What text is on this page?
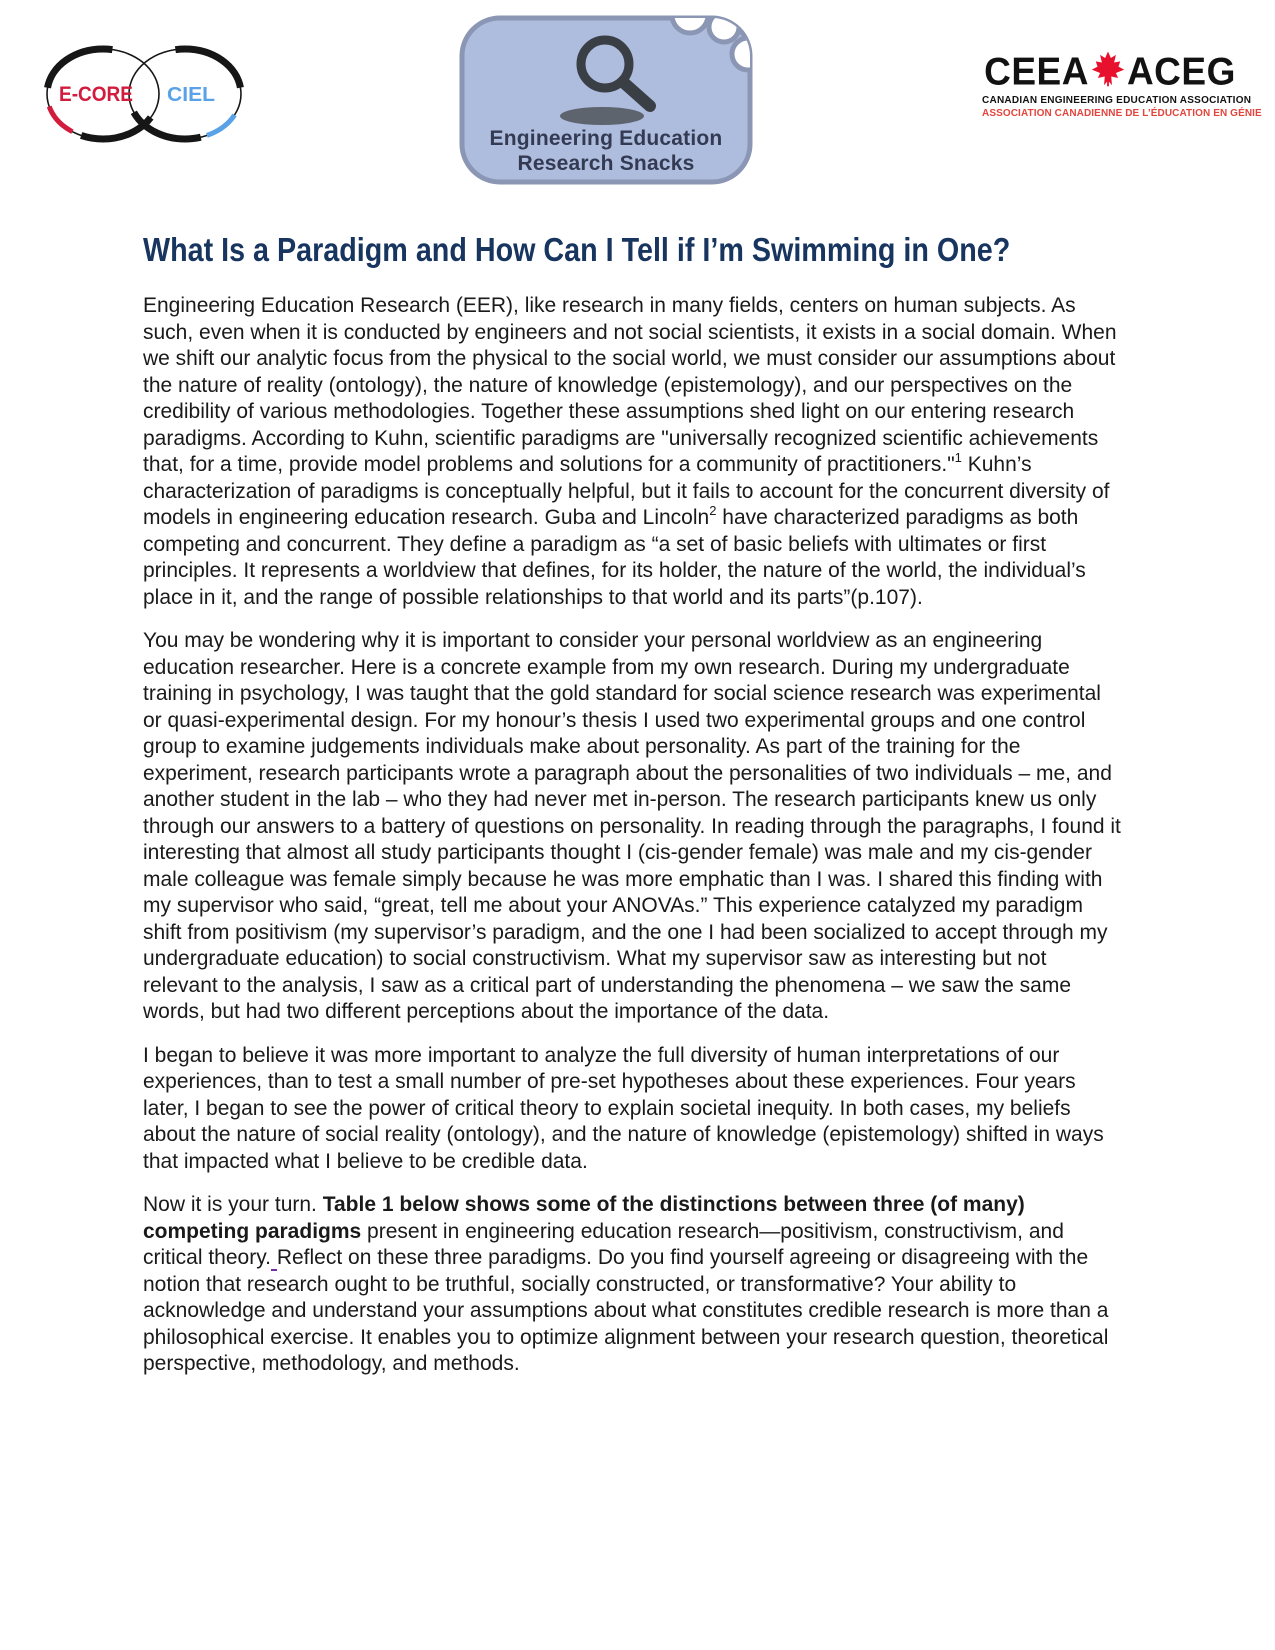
E-CORE CIEL
Engineering Education
Research Snacks
CEEA ACEG
CANADIAN ENGINEERING EDUCATION ASSOCIATION
ASSOCIATION CANADIENNE DE L’ÉDUCATION EN GÉNIE
What Is a Paradigm and How Can I Tell if I’m Swimming in One?

Engineering Education Research (EER), like research in many fields, centers on human subjects. As such, even when it is conducted by engineers and not social scientists, it exists in a social domain. When we shift our analytic focus from the physical to the social world, we must consider our assumptions about the nature of reality (ontology), the nature of knowledge (epistemology), and our perspectives on the credibility of various methodologies. Together these assumptions shed light on our entering research paradigms. According to Kuhn, scientific paradigms are "universally recognized scientific achievements that, for a time, provide model problems and solutions for a community of practitioners."$^1$ Kuhn’s characterization of paradigms is conceptually helpful, but it fails to account for the concurrent diversity of models in engineering education research. Guba and Lincoln$^2$ have characterized paradigms as both competing and concurrent. They define a paradigm as “a set of basic beliefs with ultimates or first principles. It represents a worldview that defines, for its holder, the nature of the world, the individual’s place in it, and the range of possible relationships to that world and its parts”(p.107).

You may be wondering why it is important to consider your personal worldview as an engineering education researcher. Here is a concrete example from my own research. During my undergraduate training in psychology, I was taught that the gold standard for social science research was experimental or quasi-experimental design. For my honour’s thesis I used two experimental groups and one control group to examine judgements individuals make about personality. As part of the training for the experiment, research participants wrote a paragraph about the personalities of two individuals – me, and another student in the lab – who they had never met in-person. The research participants knew us only through our answers to a battery of questions on personality. In reading through the paragraphs, I found it interesting that almost all study participants thought I (cis-gender female) was male and my cis-gender male colleague was female simply because he was more emphatic than I was. I shared this finding with my supervisor who said, “great, tell me about your ANOVAs.” This experience catalyzed my paradigm shift from positivism (my supervisor’s paradigm, and the one I had been socialized to accept through my undergraduate education) to social constructivism. What my supervisor saw as interesting but not relevant to the analysis, I saw as a critical part of understanding the phenomena – we saw the same words, but had two different perceptions about the importance of the data.

I began to believe it was more important to analyze the full diversity of human interpretations of our experiences, than to test a small number of pre-set hypotheses about these experiences. Four years later, I began to see the power of critical theory to explain societal inequity. In both cases, my beliefs about the nature of social reality (ontology), and the nature of knowledge (epistemology) shifted in ways that impacted what I believe to be credible data.

Now it is your turn. Table 1 below shows some of the distinctions between three (of many) competing paradigms present in engineering education research—positivism, constructivism, and critical theory. Reflect on these three paradigms. Do you find yourself agreeing or disagreeing with the notion that research ought to be truthful, socially constructed, or transformative? Your ability to acknowledge and understand your assumptions about what constitutes credible research is more than a philosophical exercise. It enables you to optimize alignment between your research question, theoretical perspective, methodology, and methods.
